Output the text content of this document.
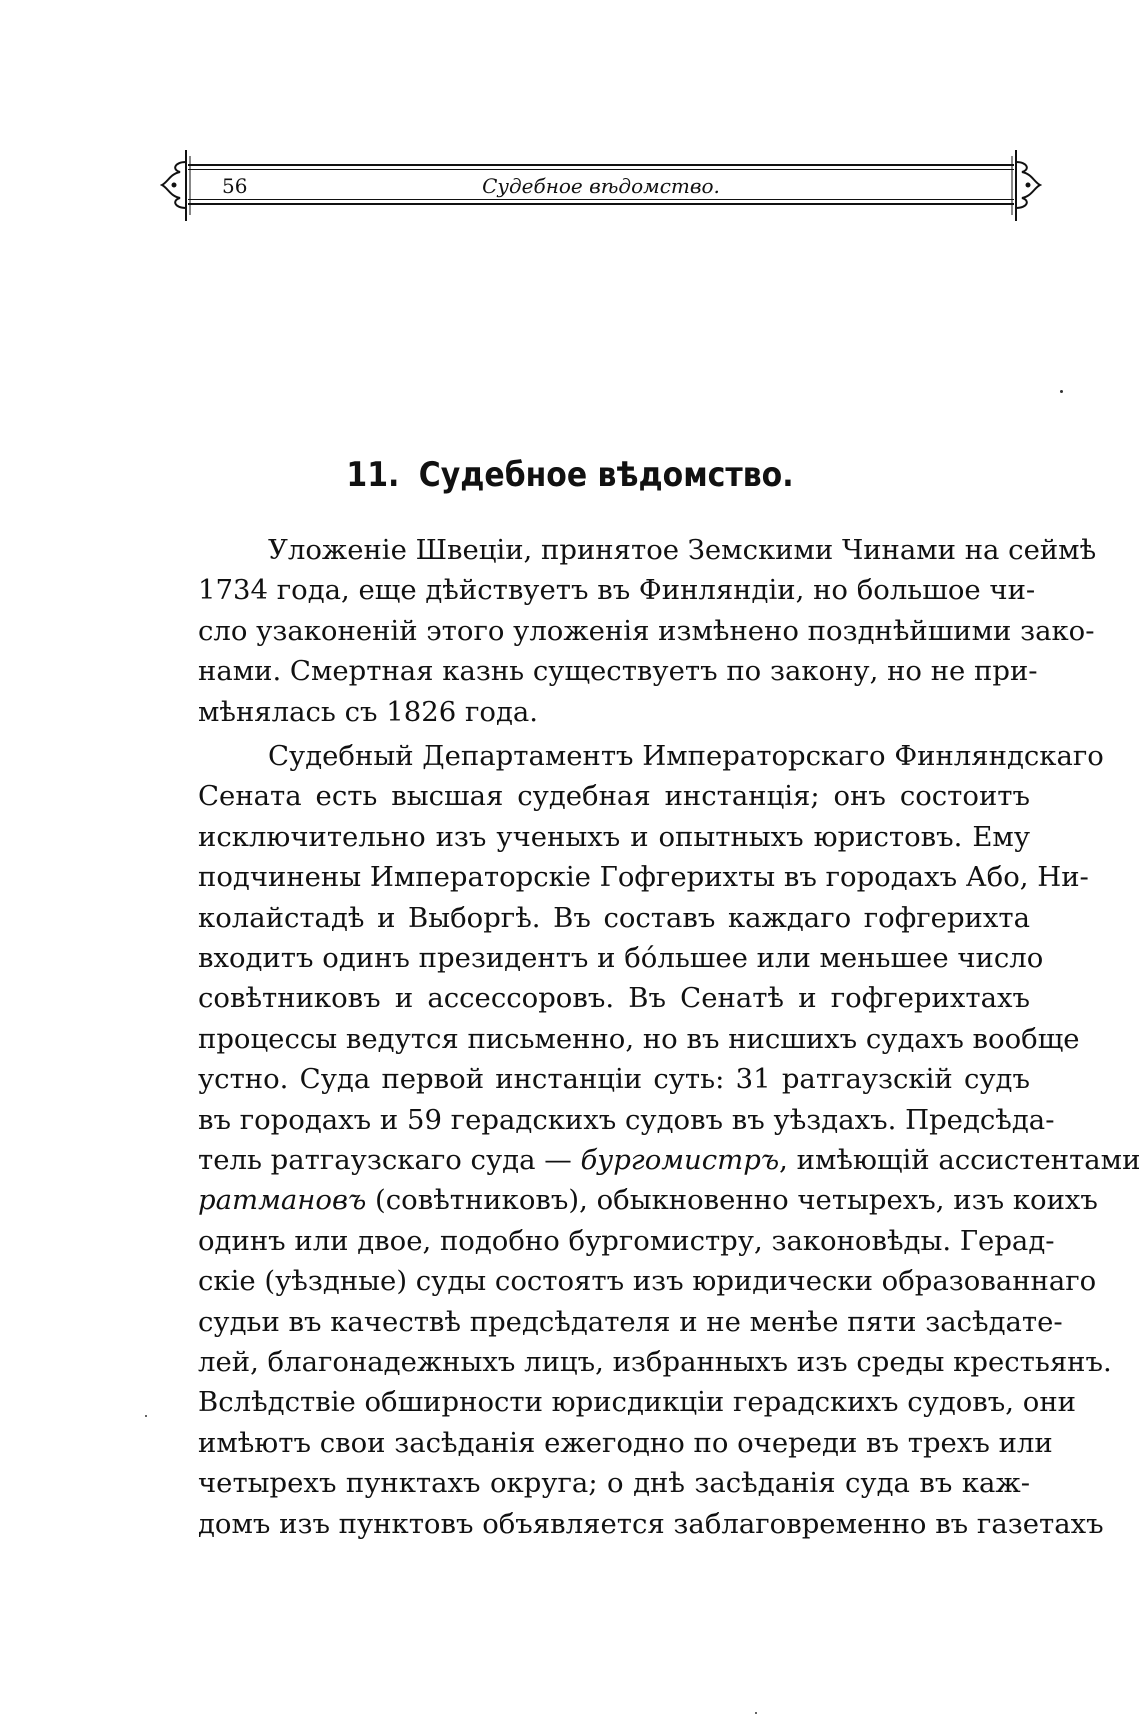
56	Судебное вѣдомство.
11. Судебное вѣдомство.
Уложеніе Швеціи, принятое Земскими Чинами на сеймѣ
1734 года, еще дѣйствуетъ въ Финляндіи, но большое чи-
сло узаконеній этого уложенія измѣнено позднѣйшими зако-
нами. Смертная казнь существуетъ по закону, но не при-
мѣнялась съ 1826 года.
Судебный Департаментъ Императорскаго Финляндскаго
Сената есть высшая судебная инстанція; онъ состоитъ
исключительно изъ ученыхъ и опытныхъ юристовъ. Ему
подчинены Императорскіе Гофгерихты въ городахъ Або, Ни-
колайстадѣ и Выборгѣ. Въ составъ каждаго гофгерихта
входитъ одинъ президентъ и бóльшее или меньшее число
совѣтниковъ и ассессоровъ. Въ Сенатѣ и гофгерихтахъ
процессы ведутся письменно, но въ нисшихъ судахъ вообще
устно. Суда первой инстанціи суть: 31 ратгаузскій судъ
въ городахъ и 59 герадскихъ судовъ въ уѣздахъ. Предсѣда-
тель ратгаузскаго суда — бургомистръ, имѣющій ассистентами
ратмановъ (совѣтниковъ), обыкновенно четырехъ, изъ коихъ
одинъ или двое, подобно бургомистру, законовѣды. Герад-
скіе (уѣздные) суды состоятъ изъ юридически образованнаго
судьи въ качествѣ предсѣдателя и не менѣе пяти засѣдате-
лей, благонадежныхъ лицъ, избранныхъ изъ среды крестьянъ.
Вслѣдствіе обширности юрисдикціи герадскихъ судовъ, они
имѣютъ свои засѣданія ежегодно по очереди въ трехъ или
четырехъ пунктахъ округа; о днѣ засѣданія суда въ каж-
домъ изъ пунктовъ объявляется заблаговременно въ газетахъ
